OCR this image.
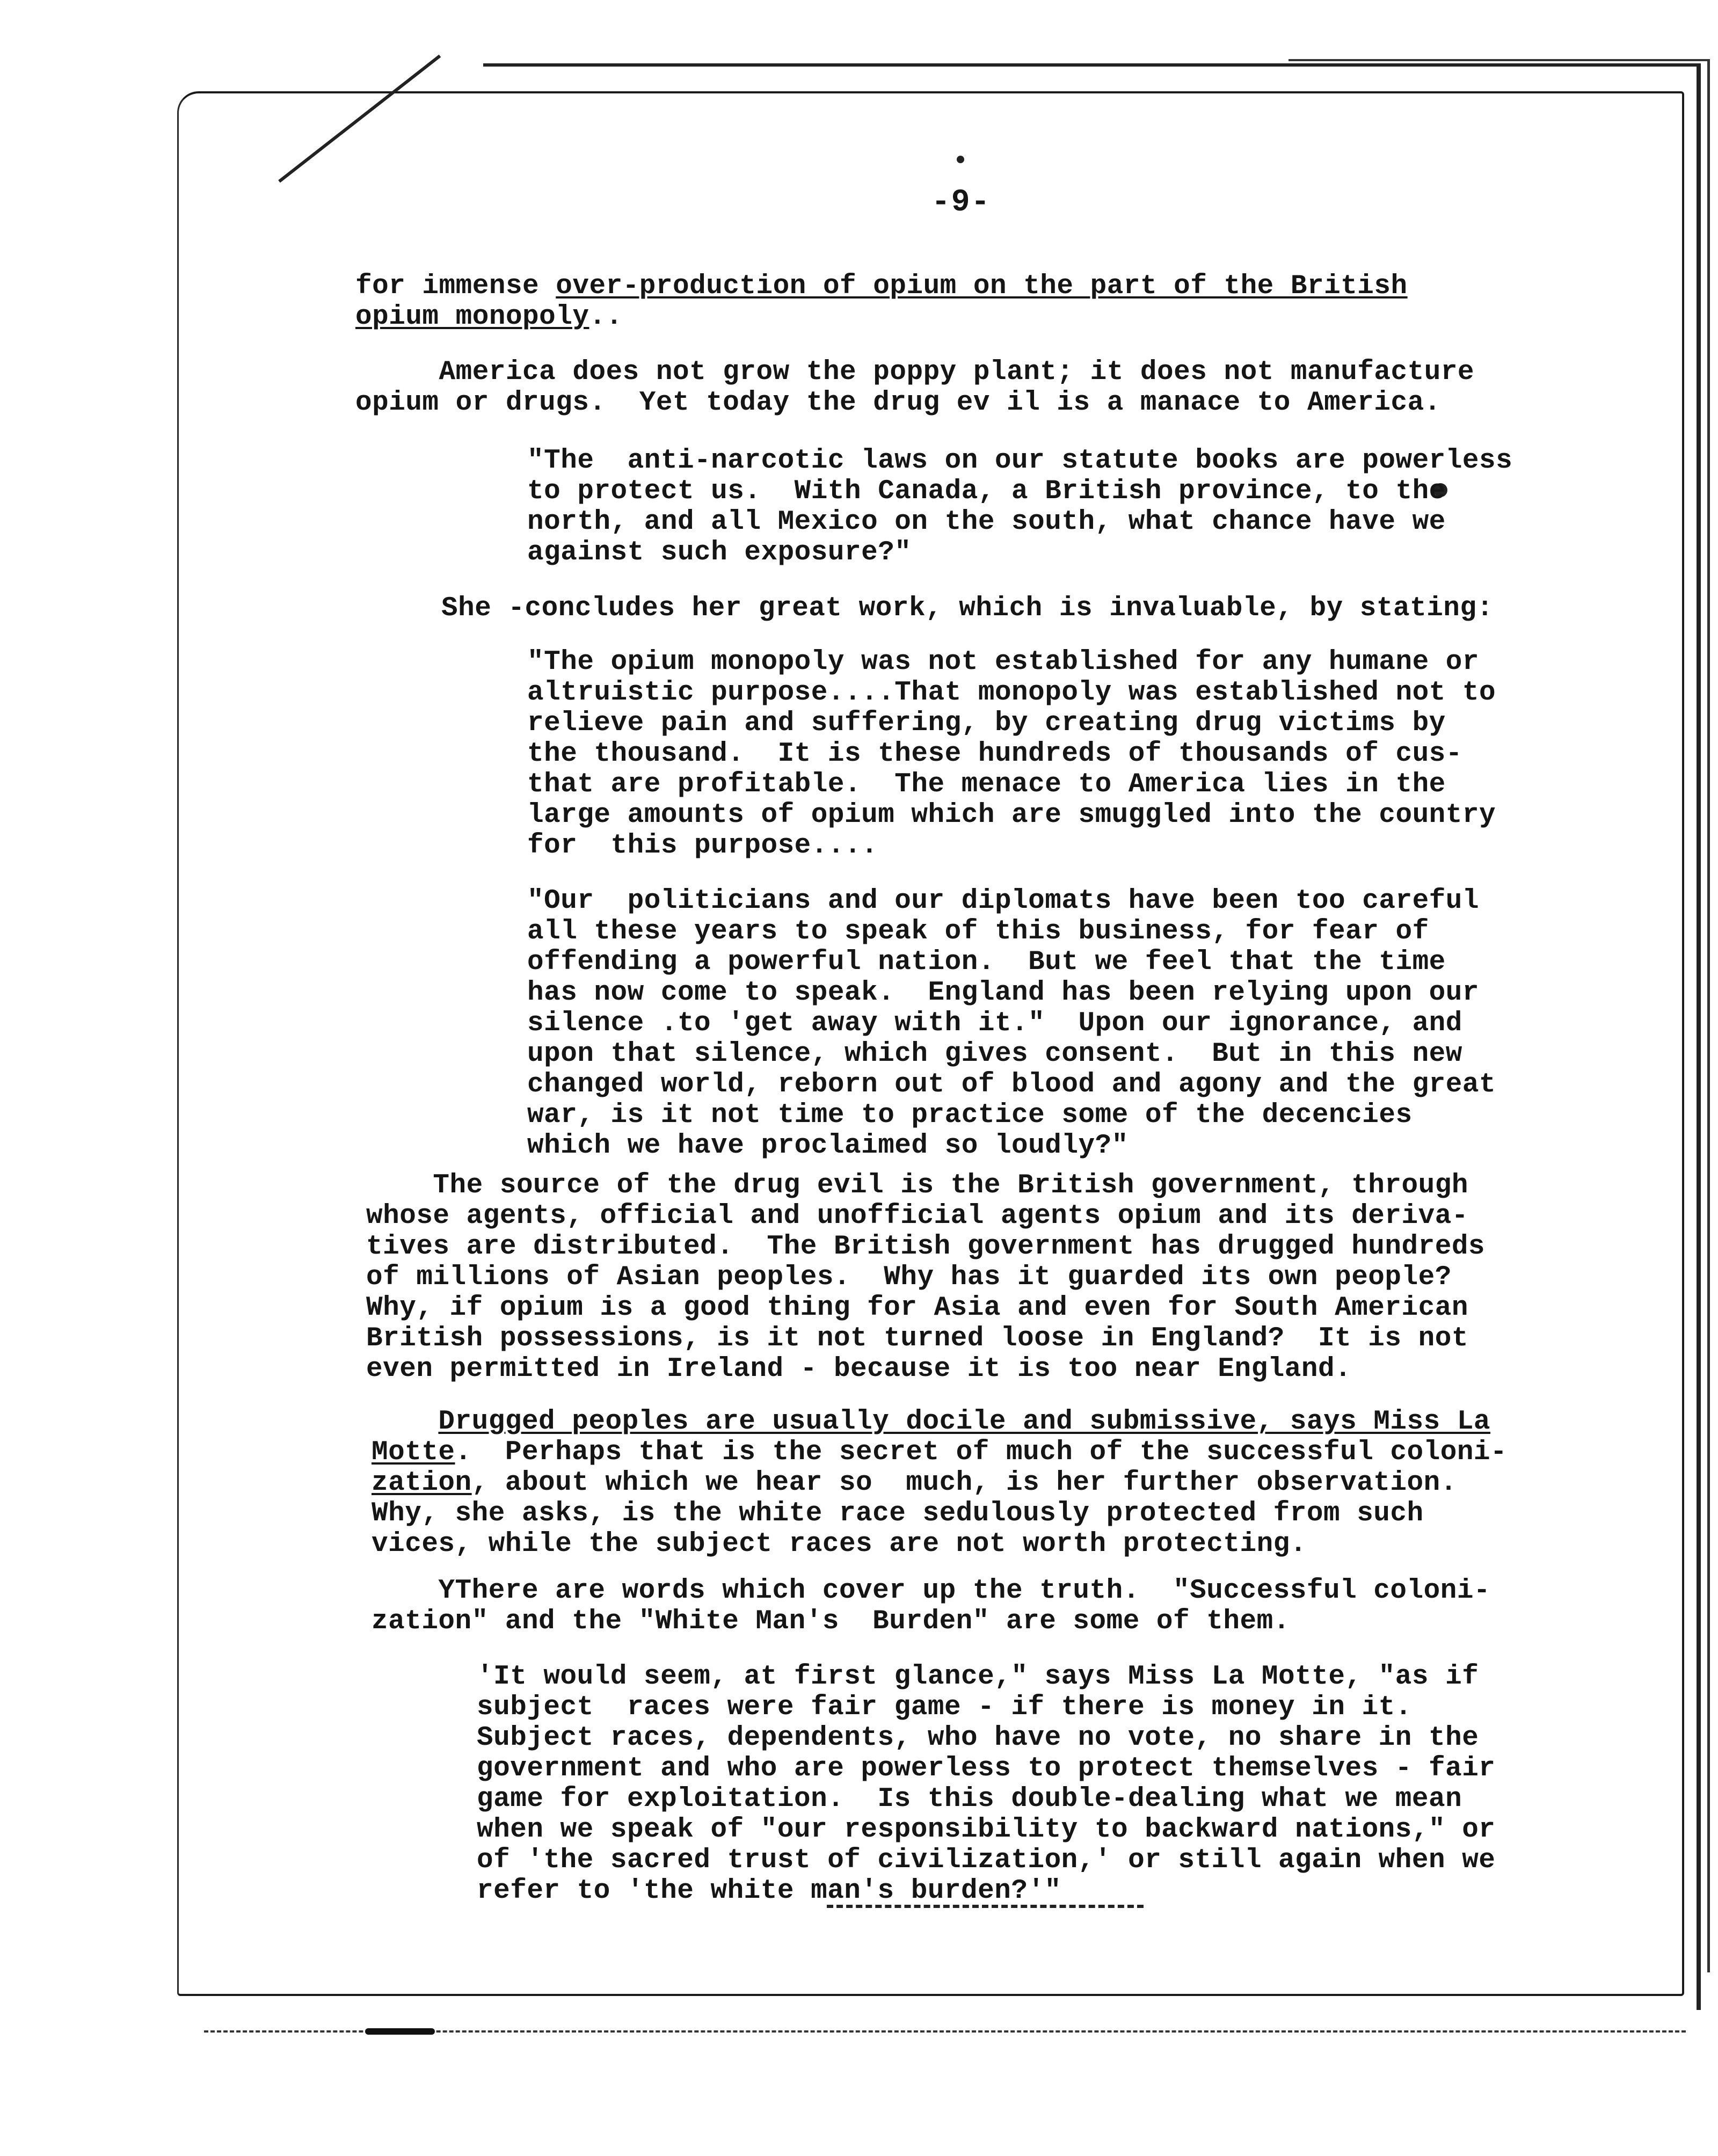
-9-

for immense over-production of opium on the part of the British
opium monopoly..

America does not grow the poppy plant; it does not manufacture
opium or drugs.  Yet today the drug ev il is a manace to America.

"The  anti-narcotic laws on our statute books are powerless
to protect us.  With Canada, a British province, to the
north, and all Mexico on the south, what chance have we
against such exposure?"

She -concludes her great work, which is invaluable, by stating:

"The opium monopoly was not established for any humane or
altruistic purpose....That monopoly was established not to
relieve pain and suffering, by creating drug victims by
the thousand.  It is these hundreds of thousands of cus-
that are profitable.  The menace to America lies in the
large amounts of opium which are smuggled into the country
for  this purpose....

"Our  politicians and our diplomats have been too careful
all these years to speak of this business, for fear of
offending a powerful nation.  But we feel that the time
has now come to speak.  England has been relying upon our
silence .to 'get away with it."  Upon our ignorance, and
upon that silence, which gives consent.  But in this new
changed world, reborn out of blood and agony and the great
war, is it not time to practice some of the decencies
which we have proclaimed so loudly?"

The source of the drug evil is the British government, through
whose agents, official and unofficial agents opium and its deriva-
tives are distributed.  The British government has drugged hundreds
of millions of Asian peoples.  Why has it guarded its own people?
Why, if opium is a good thing for Asia and even for South American
British possessions, is it not turned loose in England?  It is not
even permitted in Ireland - because it is too near England.

Drugged peoples are usually docile and submissive, says Miss La
Motte.  Perhaps that is the secret of much of the successful coloni-
zation, about which we hear so  much, is her further observation.
Why, she asks, is the white race sedulously protected from such
vices, while the subject races are not worth protecting.

YThere are words which cover up the truth.  "Successful coloni-
zation" and the "White Man's  Burden" are some of them.

'It would seem, at first glance," says Miss La Motte, "as if
subject  races were fair game - if there is money in it.
Subject races, dependents, who have no vote, no share in the
government and who are powerless to protect themselves - fair
game for exploitation.  Is this double-dealing what we mean
when we speak of "our responsibility to backward nations," or
of 'the sacred trust of civilization,' or still again when we
refer to 'the white man's burden?'"
